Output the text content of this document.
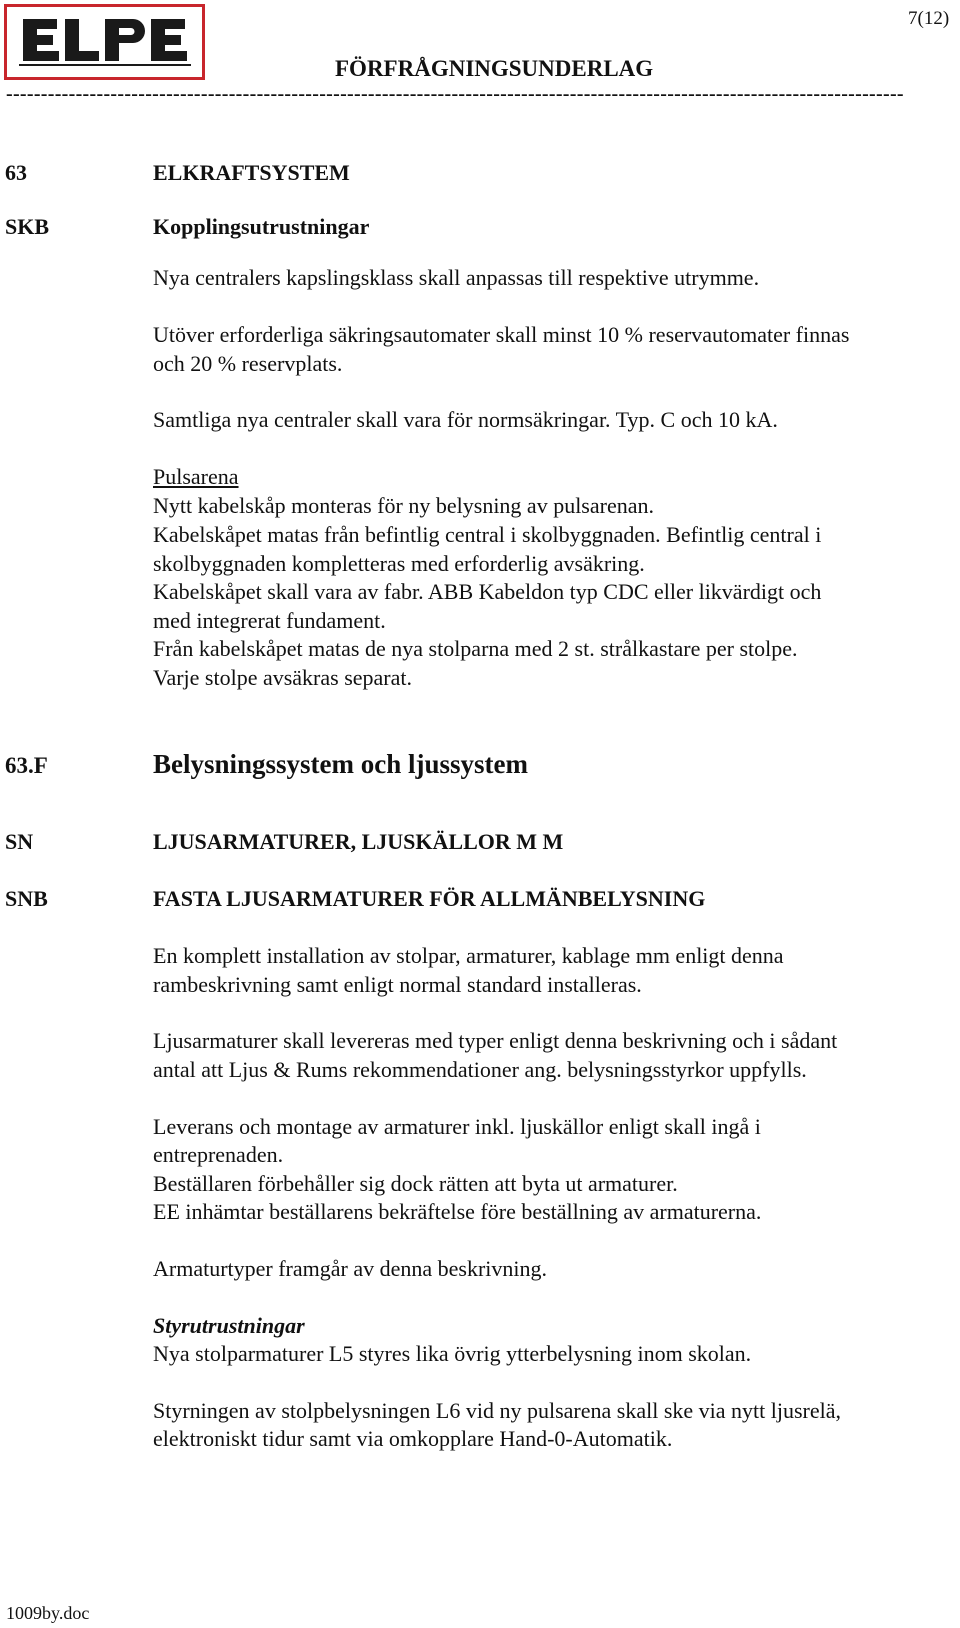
7(12)
FÖRFRÅGNINGSUNDERLAG
---------------------------------------------------------------------------------------------------------------------------------
63	ELKRAFTSYSTEM
SKB	Kopplingsutrustningar
Nya centralers kapslingsklass skall anpassas till respektive utrymme.
Utöver erforderliga säkringsautomater skall minst 10 % reservautomater finnas
och 20 % reservplats.
Samtliga nya centraler skall vara för normsäkringar. Typ. C och 10 kA.
Pulsarena
Nytt kabelskåp monteras för ny belysning av pulsarenan.
Kabelskåpet matas från befintlig central i skolbyggnaden. Befintlig central i
skolbyggnaden kompletteras med erforderlig avsäkring.
Kabelskåpet skall vara av fabr. ABB Kabeldon typ CDC eller likvärdigt och
med integrerat fundament.
Från kabelskåpet matas de nya stolparna med 2 st. strålkastare per stolpe.
Varje stolpe avsäkras separat.
63.F	Belysningssystem och ljussystem
SN	LJUSARMATURER, LJUSKÄLLOR M M
SNB	FASTA LJUSARMATURER FÖR ALLMÄNBELYSNING
En komplett installation av stolpar, armaturer, kablage mm enligt denna
rambeskrivning samt enligt normal standard installeras.
Ljusarmaturer skall levereras med typer enligt denna beskrivning och i sådant
antal att Ljus & Rums rekommendationer ang. belysningsstyrkor uppfylls.
Leverans och montage av armaturer inkl. ljuskällor enligt skall ingå i
entreprenaden.
Beställaren förbehåller sig dock rätten att byta ut armaturer.
EE inhämtar beställarens bekräftelse före beställning av armaturerna.
Armaturtyper framgår av denna beskrivning.
Styrutrustningar
Nya stolparmaturer L5 styres lika övrig ytterbelysning inom skolan.
Styrningen av stolpbelysningen L6 vid ny pulsarena skall ske via nytt ljusrelä,
elektroniskt tidur samt via omkopplare Hand-0-Automatik.
1009by.doc
